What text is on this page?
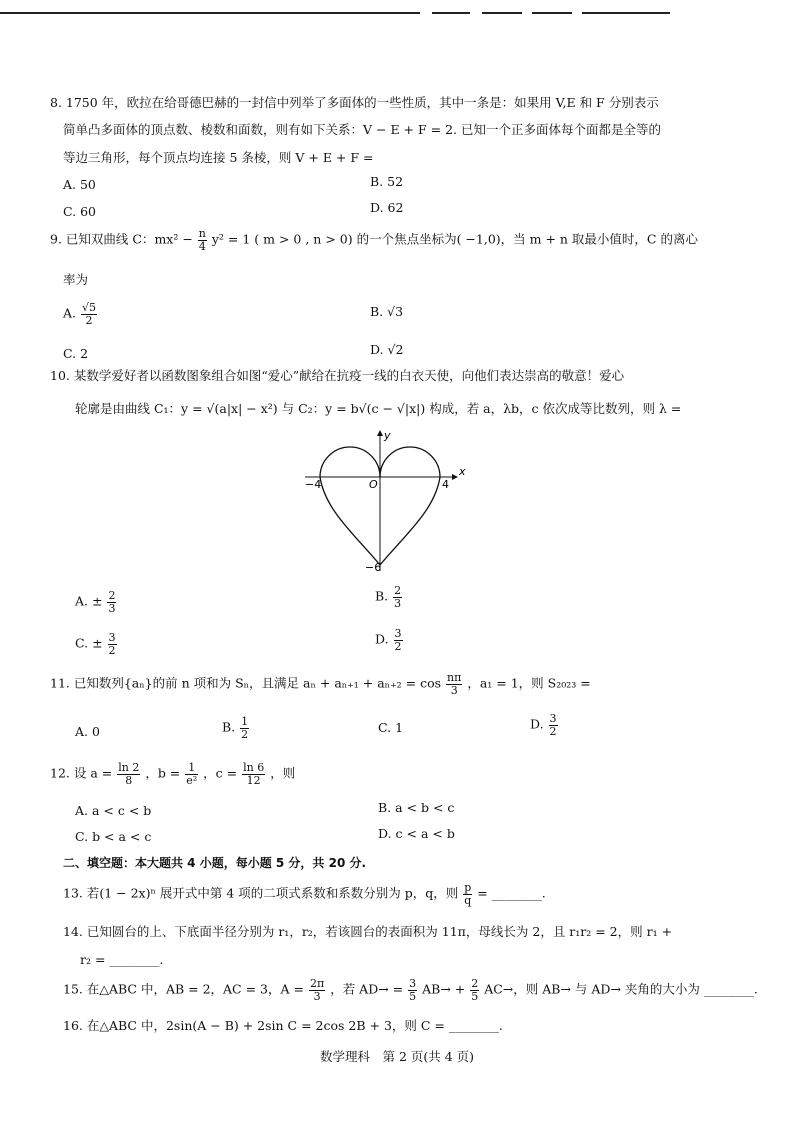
8. 1750 年，欧拉在给哥德巴赫的一封信中列举了多面体的一些性质，其中一条是：如果用 V,E 和 F 分别表示
简单凸多面体的顶点数、棱数和面数，则有如下关系：V − E + F = 2. 已知一个正多面体每个面都是全等的
等边三角形，每个顶点均连接 5 条棱，则 V + E + F =
A. 50	B. 52
C. 60	D. 62
9. 已知双曲线 C：$mx^2 - \frac{n}{4} y^2 = 1$ ( m > 0 , n > 0) 的一个焦点坐标为( −1,0)，当 m + n 取最小值时，C 的离心
率为
A. $\frac{√5}{2}$	B. √3
C. 2	D. √2
10. 某数学爱好者以函数图象组合如图“爱心”献给在抗疫一线的白衣天使，向他们表达崇高的敬意！爱心
轮廓是由曲线 C₁：y = √(a|x| − x²) 与 C₂：y = b√(c − √|x|) 构成，若 a，λb，c 依次成等比数列，则 λ =
y
x
O
−4	4
−6
A. ± $\frac{2}{3}$	B. $\frac{2}{3}$
C. ± $\frac{3}{2}$	D. $\frac{3}{2}$
11. 已知数列{aₙ}的前 n 项和为 Sₙ，且满足 $a_n + a_{n+1} + a_{n+2} = \cos \frac{n\pi}{3}$ ，a₁ = 1，则 S₂₀₂₃ =
A. 0	B. $\frac{1}{2}$	C. 1	D. $\frac{3}{2}$
12. 设 $a = \frac{\ln 2}{8}$ ，$b = \frac{1}{\text{e²}}$ ，$c = \frac{\ln 6}{12}$ ，则
A. a < c < b	B. a < b < c
C. b < a < c	D. c < a < b
二、填空题：本大题共 4 小题，每小题 5 分，共 20 分.
13. 若(1 − 2x)ⁿ 展开式中第 4 项的二项式系数和系数分别为 p，q，则 $\frac{p}{q}$ = ________.
14. 已知圆台的上、下底面半径分别为 r₁，r₂，若该圆台的表面积为 11π，母线长为 2，且 r₁r₂ = 2，则 r₁ +
r₂ = ________.
15. 在△ABC 中，AB = 2，AC = 3，$A = \frac{2\pi}{3}$ ，若 $AD\to = \frac{3}{5} AB\to + \frac{2}{5} AC\to$，则 AB→ 与 AD→ 夹角的大小为 ________.
16. 在△ABC 中，2sin(A − B) + 2sin C = 2cos 2B + 3，则 C = ________.
数学理科　第 2 页(共 4 页)
